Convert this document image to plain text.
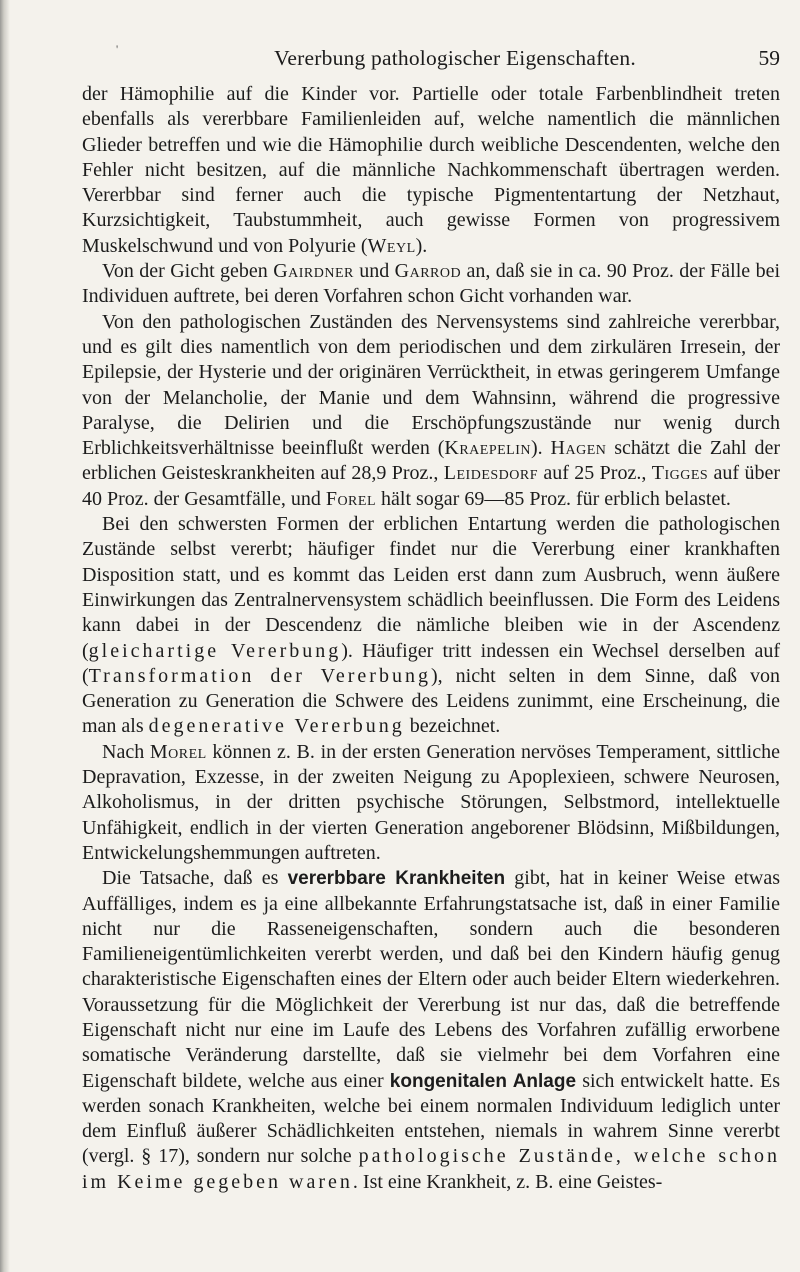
'	Vererbung pathologischer Eigenschaften.	59

der Hämophilie auf die Kinder vor. Partielle oder totale Farbenblindheit treten ebenfalls als vererbbare Familienleiden auf, welche namentlich die männlichen Glieder betreffen und wie die Hämophilie durch weibliche Descendenten, welche den Fehler nicht besitzen, auf die männliche Nachkommenschaft übertragen werden. Vererbbar sind ferner auch die typische Pigmententartung der Netzhaut, Kurzsichtigkeit, Taubstummheit, auch gewisse Formen von progressivem Muskelschwund und von Polyurie (Weyl).

Von der Gicht geben Gairdner und Garrod an, daß sie in ca. 90 Proz. der Fälle bei Individuen auftrete, bei deren Vorfahren schon Gicht vorhanden war.

Von den pathologischen Zuständen des Nervensystems sind zahlreiche vererbbar, und es gilt dies namentlich von dem periodischen und dem zirkulären Irresein, der Epilepsie, der Hysterie und der originären Verrücktheit, in etwas geringerem Umfange von der Melancholie, der Manie und dem Wahnsinn, während die progressive Paralyse, die Delirien und die Erschöpfungszustände nur wenig durch Erblichkeitsverhältnisse beeinflußt werden (Kraepelin). Hagen schätzt die Zahl der erblichen Geisteskrankheiten auf 28,9 Proz., Leidesdorf auf 25 Proz., Tigges auf über 40 Proz. der Gesamtfälle, und Forel hält sogar 69—85 Proz. für erblich belastet.

Bei den schwersten Formen der erblichen Entartung werden die pathologischen Zustände selbst vererbt; häufiger findet nur die Vererbung einer krankhaften Disposition statt, und es kommt das Leiden erst dann zum Ausbruch, wenn äußere Einwirkungen das Zentralnervensystem schädlich beeinflussen. Die Form des Leidens kann dabei in der Descendenz die nämliche bleiben wie in der Ascendenz (gleichartige Vererbung). Häufiger tritt indessen ein Wechsel derselben auf (Transformation der Vererbung), nicht selten in dem Sinne, daß von Generation zu Generation die Schwere des Leidens zunimmt, eine Erscheinung, die man als degenerative Vererbung bezeichnet.

Nach Morel können z. B. in der ersten Generation nervöses Temperament, sittliche Depravation, Exzesse, in der zweiten Neigung zu Apoplexieen, schwere Neurosen, Alkoholismus, in der dritten psychische Störungen, Selbstmord, intellektuelle Unfähigkeit, endlich in der vierten Generation angeborener Blödsinn, Mißbildungen, Entwickelungshemmungen auftreten.

Die Tatsache, daß es vererbbare Krankheiten gibt, hat in keiner Weise etwas Auffälliges, indem es ja eine allbekannte Erfahrungstatsache ist, daß in einer Familie nicht nur die Rasseneigenschaften, sondern auch die besonderen Familieneigentümlichkeiten vererbt werden, und daß bei den Kindern häufig genug charakteristische Eigenschaften eines der Eltern oder auch beider Eltern wiederkehren. Voraussetzung für die Möglichkeit der Vererbung ist nur das, daß die betreffende Eigenschaft nicht nur eine im Laufe des Lebens des Vorfahren zufällig erworbene somatische Veränderung darstellte, daß sie vielmehr bei dem Vorfahren eine Eigenschaft bildete, welche aus einer kongenitalen Anlage sich entwickelt hatte. Es werden sonach Krankheiten, welche bei einem normalen Individuum lediglich unter dem Einfluß äußerer Schädlichkeiten entstehen, niemals in wahrem Sinne vererbt (vergl. § 17), sondern nur solche pathologische Zustände, welche schon im Keime gegeben waren. Ist eine Krankheit, z. B. eine Geistes-
